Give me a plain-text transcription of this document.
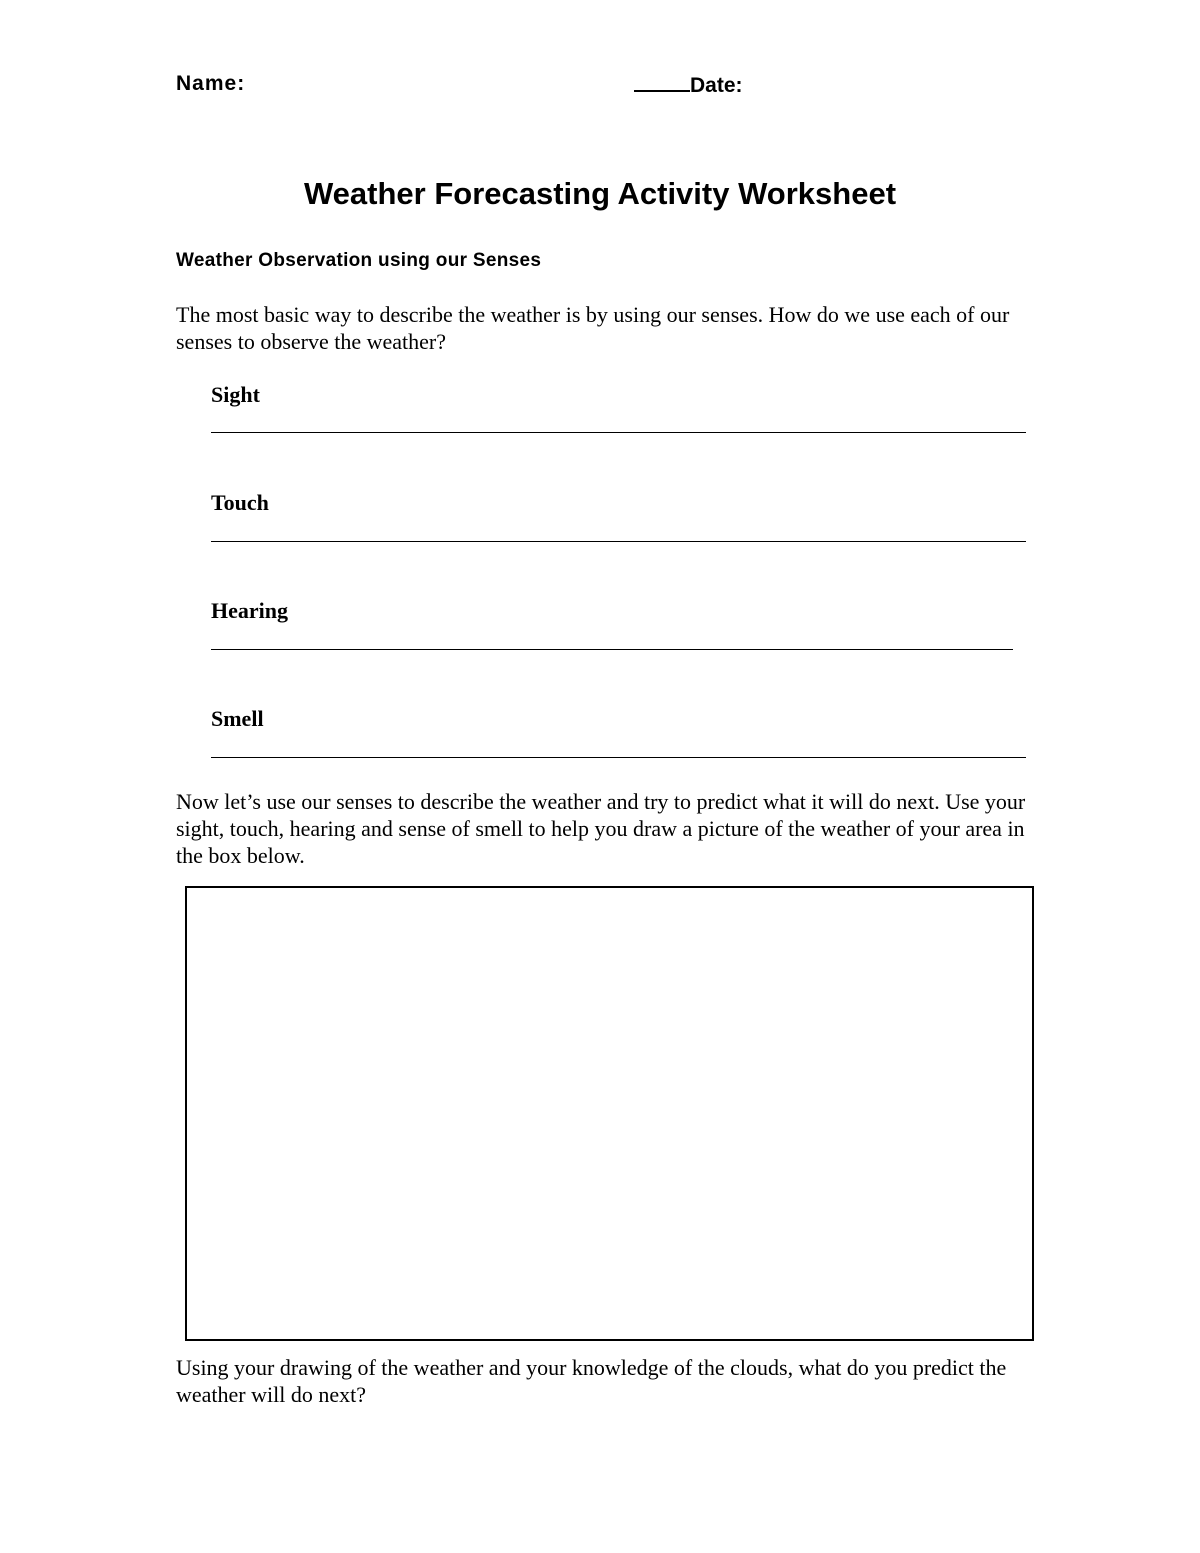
Name:	Date:
Weather Forecasting Activity Worksheet
Weather Observation using our Senses
The most basic way to describe the weather is by using our senses. How do we use each of our senses to observe the weather?
Sight
Touch
Hearing
Smell
Now let’s use our senses to describe the weather and try to predict what it will do next. Use your sight, touch, hearing and sense of smell to help you draw a picture of the weather of your area in the box below.
Using your drawing of the weather and your knowledge of the clouds, what do you predict the weather will do next?
